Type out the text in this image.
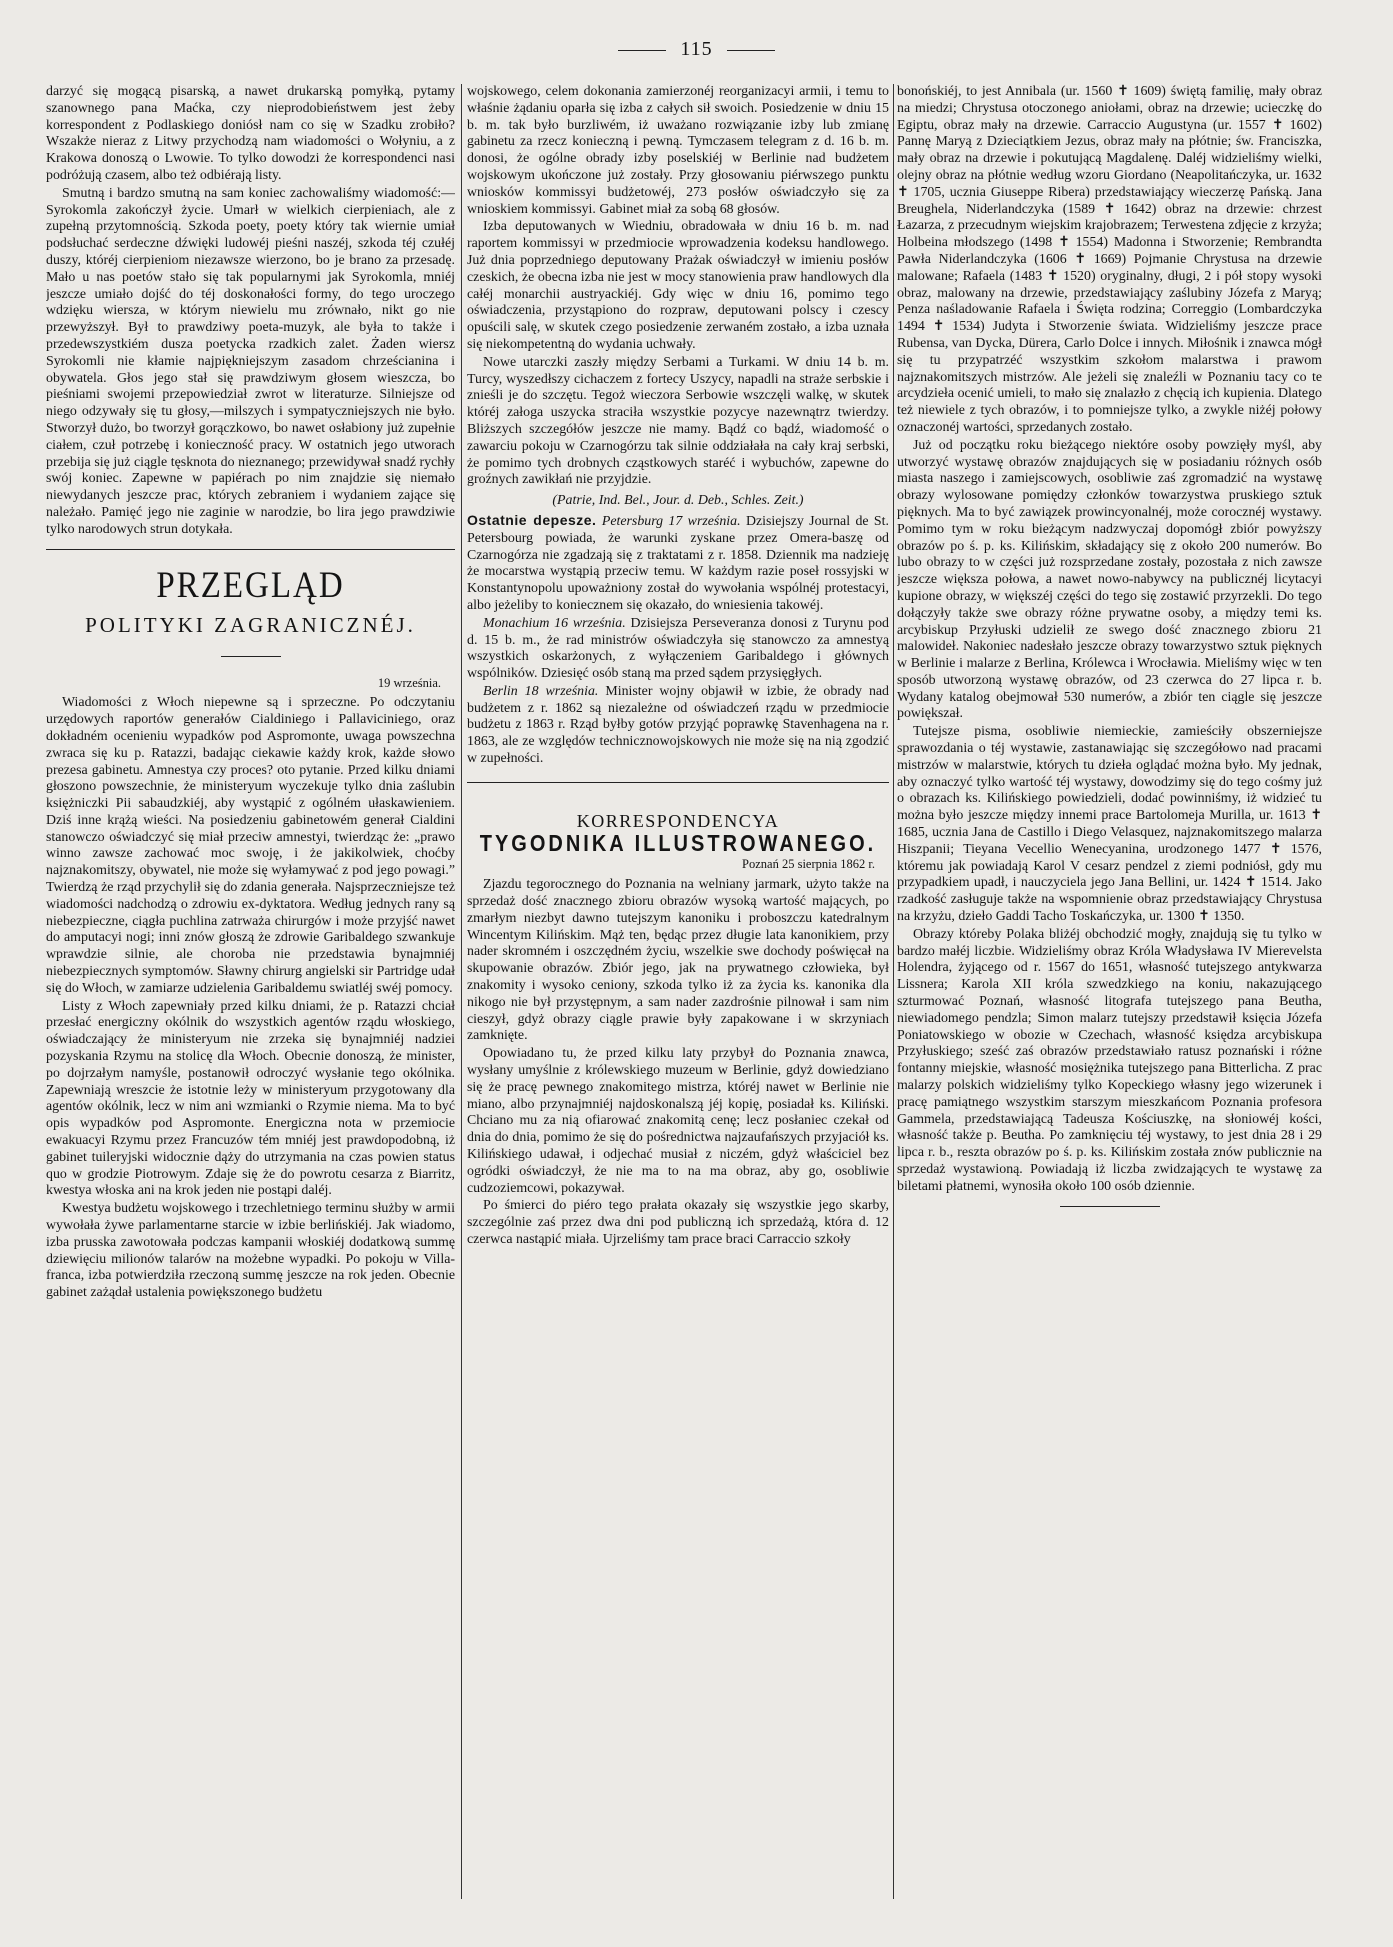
115

darzyć się mogącą pisarską, a nawet drukarską pomyłką, pytamy szanownego pana Maćka, czy nieprodobieństwem jest żeby korrespondent z Podlaskiego doniósł nam co się w Szadku zrobiło? Wszakże nieraz z Litwy przychodzą nam wiadomości o Wołyniu, a z Krakowa donoszą o Lwowie. To tylko dowodzi że korrespondenci nasi podróżują czasem, albo też odbiérają listy.

Smutną i bardzo smutną na sam koniec zachowaliśmy wiadomość:—Syrokomla zakończył życie. Umarł w wielkich cierpieniach, ale z zupełną przytomnością. Szkoda poety, poety który tak wiernie umiał podsłuchać serdeczne dźwięki ludowéj pieśni naszéj, szkoda téj czułéj duszy, któréj cierpieniom niezawsze wierzono, bo je brano za przesadę. Mało u nas poetów stało się tak popularnymi jak Syrokomla, mniéj jeszcze umiało dojść do téj doskonałości formy, do tego uroczego wdzięku wiersza, w którym niewielu mu zrównało, nikt go nie przewyższył. Był to prawdziwy poeta-muzyk, ale była to także i przedewszystkiém dusza poetycka rzadkich zalet. Żaden wiersz Syrokomli nie kłamie najpiękniejszym zasadom chrześcianina i obywatela. Głos jego stał się prawdziwym głosem wieszcza, bo pieśniami swojemi przepowiedział zwrot w literaturze. Silniejsze od niego odzywały się tu głosy,—milszych i sympatyczniejszych nie było. Stworzył dużo, bo tworzył gorączkowo, bo nawet osłabiony już zupełnie ciałem, czuł potrzebę i konieczność pracy. W ostatnich jego utworach przebija się już ciągle tęsknota do nieznanego; przewidywał snadź rychły swój koniec. Zapewne w papiérach po nim znajdzie się niemało niewydanych jeszcze prac, których zebraniem i wydaniem zające się należało. Pamięć jego nie zaginie w narodzie, bo lira jego prawdziwie tylko narodowych strun dotykała.

PRZEGLĄD
POLITYKI ZAGRANICZNÉJ.
19 września.

Wiadomości z Włoch niepewne są i sprzeczne. Po odczytaniu urzędowych raportów generałów Cialdiniego i Pallaviciniego, oraz dokładném ocenieniu wypadków pod Aspromonte, uwaga powszechna zwraca się ku p. Ratazzi, badając ciekawie każdy krok, każde słowo prezesa gabinetu. Amnestya czy proces? oto pytanie. Przed kilku dniami głoszono powszechnie, że ministeryum wyczekuje tylko dnia zaślubin księżniczki Pii sabaudzkiéj, aby wystąpić z ogólném ułaskawieniem. Dziś inne krążą wieści. Na posiedzeniu gabinetowém generał Cialdini stanowczo oświadczyć się miał przeciw amnestyi, twierdząc że: „prawo winno zawsze zachować moc swoję, i że jakikolwiek, choćby najznakomitszy, obywatel, nie może się wyłamywać z pod jego powagi.” Twierdzą że rząd przychylił się do zdania generała. Najsprzeczniejsze też wiadomości nadchodzą o zdrowiu ex-dyktatora. Według jednych rany są niebezpieczne, ciągła puchlina zatrważa chirurgów i może przyjść nawet do amputacyi nogi; inni znów głoszą że zdrowie Garibaldego szwankuje wprawdzie silnie, ale choroba nie przedstawia bynajmniéj niebezpiecznych symptomów. Sławny chirurg angielski sir Partridge udał się do Włoch, w zamiarze udzielenia Garibaldemu swiatléj swéj pomocy.

Listy z Włoch zapewniały przed kilku dniami, że p. Ratazzi chciał przesłać energiczny okólnik do wszystkich agentów rządu włoskiego, oświadczający że ministeryum nie zrzeka się bynajmniéj nadziei pozyskania Rzymu na stolicę dla Włoch. Obecnie donoszą, że minister, po dojrzałym namyśle, postanowił odroczyć wysłanie tego okólnika. Zapewniają wreszcie że istotnie leży w ministeryum przygotowany dla agentów okólnik, lecz w nim ani wzmianki o Rzymie niema. Ma to być opis wypadków pod Aspromonte. Energiczna nota w przemiocie ewakuacyi Rzymu przez Francuzów tém mniéj jest prawdopodobną, iż gabinet tuileryjski widocznie dąży do utrzymania na czas powien status quo w grodzie Piotrowym. Zdaje się że do powrotu cesarza z Biarritz, kwestya włoska ani na krok jeden nie postąpi daléj.

Kwestya budżetu wojskowego i trzechletniego terminu służby w armii wywołała żywe parlamentarne starcie w izbie berlińskiéj. Jak wiadomo, izba prusska zawotowała podczas kampanii włoskiéj dodatkową summę dziewięciu milionów talarów na możebne wypadki. Po pokoju w Villa-franca, izba potwierdziła rzeczoną summę jeszcze na rok jeden. Obecnie gabinet zażądał ustalenia powiększonego budżetu

wojskowego, celem dokonania zamierzonéj reorganizacyi armii, i temu to właśnie żądaniu oparła się izba z całych sił swoich. Posiedzenie w dniu 15 b. m. tak było burzliwém, iż uważano rozwiązanie izby lub zmianę gabinetu za rzecz konieczną i pewną. Tymczasem telegram z d. 16 b. m. donosi, że ogólne obrady izby poselskiéj w Berlinie nad budżetem wojskowym ukończone już zostały. Przy głosowaniu piérwszego punktu wniosków kommissyi budżetowéj, 273 posłów oświadczyło się za wnioskiem kommissyi. Gabinet miał za sobą 68 głosów.

Izba deputowanych w Wiedniu, obradowała w dniu 16 b. m. nad raportem kommissyi w przedmiocie wprowadzenia kodeksu handlowego. Już dnia poprzedniego deputowany Prażak oświadczył w imieniu posłów czeskich, że obecna izba nie jest w mocy stanowienia praw handlowych dla całéj monarchii austryackiéj. Gdy więc w dniu 16, pomimo tego oświadczenia, przystąpiono do rozpraw, deputowani polscy i czescy opuścili salę, w skutek czego posiedzenie zerwaném zostało, a izba uznała się niekompetentną do wydania uchwały.

Nowe utarczki zaszły między Serbami a Turkami. W dniu 14 b. m. Turcy, wyszedłszy cichaczem z fortecy Uszycy, napadli na straże serbskie i znieśli je do szczętu. Tegoż wieczora Serbowie wszczęli walkę, w skutek któréj załoga uszycka straciła wszystkie pozycye nazewnątrz twierdzy. Bliższych szczegółów jeszcze nie mamy. Bądź co bądź, wiadomość o zawarciu pokoju w Czarnogórzu tak silnie oddziałała na cały kraj serbski, że pomimo tych drobnych cząstkowych staréć i wybuchów, zapewne do groźnych zawikłań nie przyjdzie.

(Patrie, Ind. Bel., Jour. d. Deb., Schles. Zeit.)

Ostatnie depesze. Petersburg 17 września. Dzisiejszy Journal de St. Petersbourg powiada, że warunki zyskane przez Omera-baszę od Czarnogórza nie zgadzają się z traktatami z r. 1858. Dziennik ma nadzieję że mocarstwa wystąpią przeciw temu. W każdym razie poseł rossyjski w Konstantynopolu upoważniony został do wywołania wspólnéj protestacyi, albo jeżeliby to koniecznem się okazało, do wniesienia takowéj.

Monachium 16 września. Dzisiejsza Perseveranza donosi z Turynu pod d. 15 b. m., że rad ministrów oświadczyła się stanowczo za amnestyą wszystkich oskarżonych, z wyłączeniem Garibaldego i głównych wspólników. Dziesięć osób staną ma przed sądem przysięgłych.

Berlin 18 września. Minister wojny objawił w izbie, że obrady nad budżetem z r. 1862 są niezależne od oświadczeń rządu w przedmiocie budżetu z 1863 r. Rząd byłby gotów przyjąć poprawkę Stavenhagena na r. 1863, ale ze względów technicznowojskowych nie może się na nią zgodzić w zupełności.

KORRESPONDENCYA
TYGODNIKA ILLUSTROWANEGO.
Poznań 25 sierpnia 1862 r.

Zjazdu tegorocznego do Poznania na welniany jarmark, użyto także na sprzedaż dość znacznego zbioru obrazów wysoką wartość mających, po zmarłym niezbyt dawno tutejszym kanoniku i proboszczu katedralnym Wincentym Kilińskim. Mąż ten, będąc przez długie lata kanonikiem, przy nader skromném i oszczędném życiu, wszelkie swe dochody poświęcał na skupowanie obrazów. Zbiór jego, jak na prywatnego człowieka, był znakomity i wysoko ceniony, szkoda tylko iż za życia ks. kanonika dla nikogo nie był przystępnym, a sam nader zazdrośnie pilnował i sam nim cieszył, gdyż obrazy ciągle prawie były zapakowane i w skrzyniach zamknięte.

Opowiadano tu, że przed kilku laty przybył do Poznania znawca, wysłany umyślnie z królewskiego muzeum w Berlinie, gdyż dowiedziano się że pracę pewnego znakomitego mistrza, któréj nawet w Berlinie nie miano, albo przynajmniéj najdoskonalszą jéj kopię, posiadał ks. Kiliński. Chciano mu za nią ofiarować znakomitą cenę; lecz posłaniec czekał od dnia do dnia, pomimo że się do pośrednictwa najzaufańszych przyjaciół ks. Kilińskiego udawał, i odjechać musiał z niczém, gdyż właściciel bez ogródki oświadczył, że nie ma to na ma obraz, aby go, osobliwie cudzoziemcowi, pokazywał.

Po śmierci do piéro tego prałata okazały się wszystkie jego skarby, szczególnie zaś przez dwa dni pod publiczną ich sprzedażą, która d. 12 czerwca nastąpić miała. Ujrzeliśmy tam prace braci Carraccio szkoły

bonońskiéj, to jest Annibala (ur. 1560 ✝ 1609) świętą familię, mały obraz na miedzi; Chrystusa otoczonego aniołami, obraz na drzewie; ucieczkę do Egiptu, obraz mały na drzewie. Carraccio Augustyna (ur. 1557 ✝ 1602) Pannę Maryą z Dzieciątkiem Jezus, obraz mały na płótnie; św. Franciszka, mały obraz na drzewie i pokutującą Magdalenę. Daléj widzieliśmy wielki, olejny obraz na płótnie według wzoru Giordano (Neapolitańczyka, ur. 1632 ✝ 1705, ucznia Giuseppe Ribera) przedstawiający wieczerzę Pańską. Jana Breughela, Niderlandczyka (1589 ✝ 1642) obraz na drzewie: chrzest Łazarza, z przecudnym wiejskim krajobrazem; Terwestena zdjęcie z krzyża; Holbeina młodszego (1498 ✝ 1554) Madonna i Stworzenie; Rembrandta Pawła Niderlandczyka (1606 ✝ 1669) Pojmanie Chrystusa na drzewie malowane; Rafaela (1483 ✝ 1520) oryginalny, długi, 2 i pół stopy wysoki obraz, malowany na drzewie, przedstawiający zaślubiny Józefa z Maryą; Penza naśladowanie Rafaela i Święta rodzina; Correggio (Lombardczyka 1494 ✝ 1534) Judyta i Stworzenie świata. Widzieliśmy jeszcze prace Rubensa, van Dycka, Dürera, Carlo Dolce i innych. Miłośnik i znawca mógł się tu przypatrzéć wszystkim szkołom malarstwa i prawom najznakomitszych mistrzów. Ale jeżeli się znaleźli w Poznaniu tacy co te arcydzieła ocenić umieli, to mało się znalazło z chęcią ich kupienia. Dlatego też niewiele z tych obrazów, i to pomniejsze tylko, a zwykle niżéj połowy oznaczonéj wartości, sprzedanych zostało.

Już od początku roku bieżącego niektóre osoby powzięły myśl, aby utworzyć wystawę obrazów znajdujących się w posiadaniu różnych osób miasta naszego i zamiejscowych, osobliwie zaś zgromadzić na wystawę obrazy wylosowane pomiędzy członków towarzystwa pruskiego sztuk pięknych. Ma to być zawiązek prowincyonalnéj, może corocznéj wystawy. Pomimo tym w roku bieżącym nadzwyczaj dopomógł zbiór powyższy obrazów po ś. p. ks. Kilińskim, składający się z około 200 numerów. Bo lubo obrazy to w części już rozsprzedane zostały, pozostała z nich zawsze jeszcze większa połowa, a nawet nowo-nabywcy na publicznéj licytacyi kupione obrazy, w większéj części do tego się zostawić przyrzekli. Do tego dołączyły także swe obrazy różne prywatne osoby, a między temi ks. arcybiskup Przyłuski udzielił ze swego dość znacznego zbioru 21 malowideł. Nakoniec nadesłało jeszcze obrazy towarzystwo sztuk pięknych w Berlinie i malarze z Berlina, Królewca i Wrocławia. Mieliśmy więc w ten sposób utworzoną wystawę obrazów, od 23 czerwca do 27 lipca r. b. Wydany katalog obejmował 530 numerów, a zbiór ten ciągle się jeszcze powiększał.

Tutejsze pisma, osobliwie niemieckie, zamieściły obszerniejsze sprawozdania o téj wystawie, zastanawiając się szczegółowo nad pracami mistrzów w malarstwie, których tu dzieła oglądać można było. My jednak, aby oznaczyć tylko wartość téj wystawy, dowodzimy się do tego cośmy już o obrazach ks. Kilińskiego powiedzieli, dodać powinniśmy, iż widzieć tu można było jeszcze między innemi prace Bartolomeja Murilla, ur. 1613 ✝ 1685, ucznia Jana de Castillo i Diego Velasquez, najznakomitszego malarza Hiszpanii; Tieyana Vecellio Wenecyanina, urodzonego 1477 ✝ 1576, któremu jak powiadają Karol V cesarz pendzel z ziemi podniósł, gdy mu przypadkiem upadł, i nauczyciela jego Jana Bellini, ur. 1424 ✝ 1514. Jako rzadkość zasługuje także na wspomnienie obraz przedstawiający Chrystusa na krzyżu, dzieło Gaddi Tacho Toskańczyka, ur. 1300 ✝ 1350.

Obrazy któreby Polaka bliżéj obchodzić mogły, znajdują się tu tylko w bardzo małéj liczbie. Widzieliśmy obraz Króla Władysława IV Mierevelsta Holendra, żyjącego od r. 1567 do 1651, własność tutejszego antykwarza Lissnera; Karola XII króla szwedzkiego na koniu, nakazującego szturmować Poznań, własność litografa tutejszego pana Beutha, niewiadomego pendzla; Simon malarz tutejszy przedstawił księcia Józefa Poniatowskiego w obozie w Czechach, własność księdza arcybiskupa Przyłuskiego; sześć zaś obrazów przedstawiało ratusz poznański i różne fontanny miejskie, własność mosiężnika tutejszego pana Bitterlicha. Z prac malarzy polskich widzieliśmy tylko Kopeckiego własny jego wizerunek i pracę pamiątnego wszystkim starszym mieszkańcom Poznania profesora Gammela, przedstawiającą Tadeusza Kościuszkę, na słoniowéj kości, własność także p. Beutha. Po zamknięciu téj wystawy, to jest dnia 28 i 29 lipca r. b., reszta obrazów po ś. p. ks. Kilińskim została znów publicznie na sprzedaż wystawioną. Powiadają iż liczba zwidzających te wystawę za biletami płatnemi, wynosiła około 100 osób dziennie.
